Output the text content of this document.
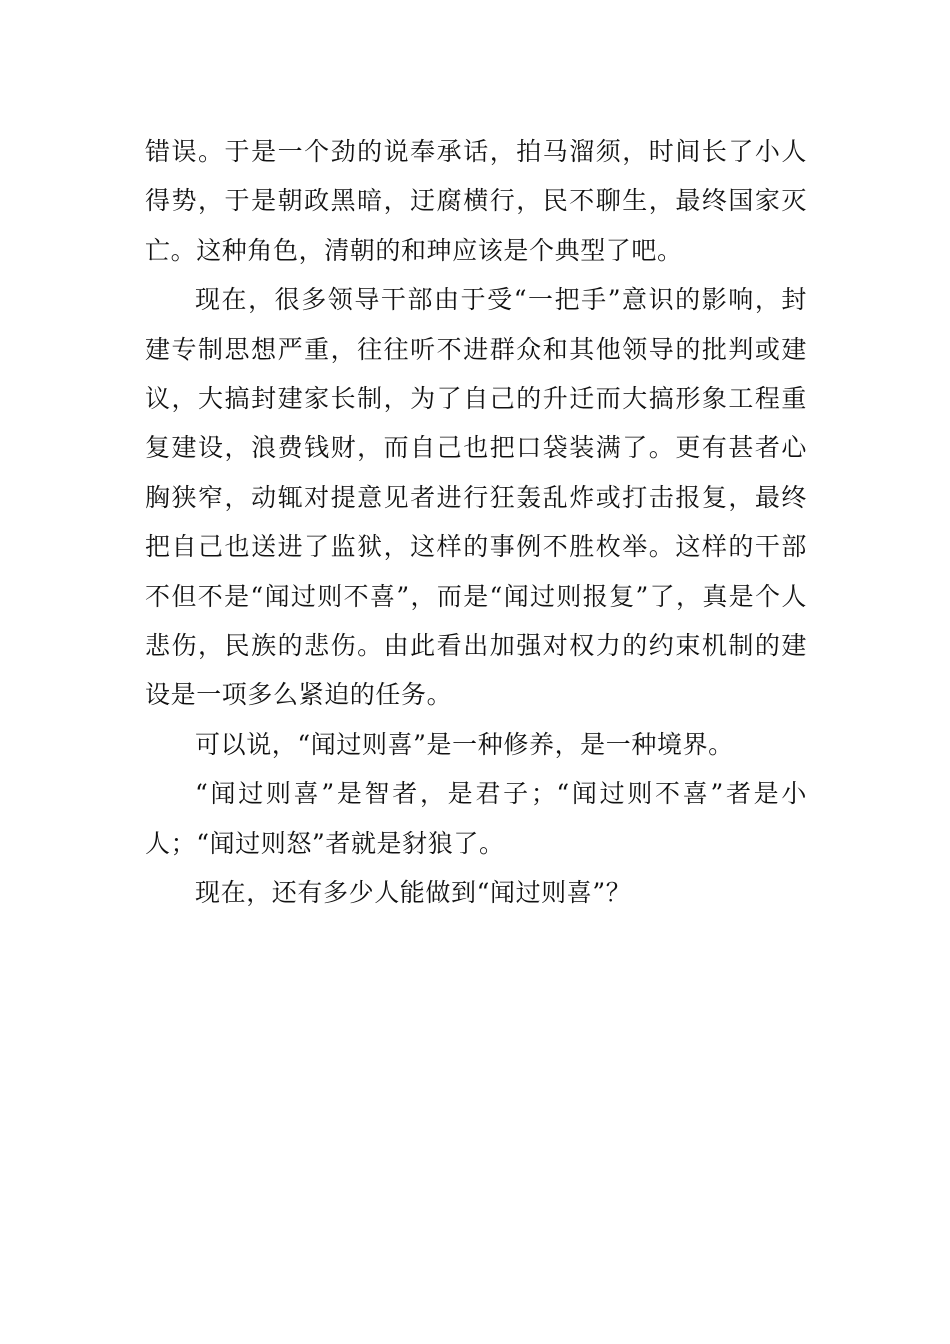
错误。于是一个劲的说奉承话，拍马溜须，时间长了小人得势，于是朝政黑暗，迂腐横行，民不聊生，最终国家灭亡。这种角色，清朝的和珅应该是个典型了吧。

现在，很多领导干部由于受“一把手”意识的影响，封建专制思想严重，往往听不进群众和其他领导的批判或建议，大搞封建家长制，为了自己的升迁而大搞形象工程重复建设，浪费钱财，而自己也把口袋装满了。更有甚者心胸狭窄，动辄对提意见者进行狂轰乱炸或打击报复，最终把自己也送进了监狱，这样的事例不胜枚举。这样的干部不但不是“闻过则不喜”，而是“闻过则报复”了，真是个人悲伤，民族的悲伤。由此看出加强对权力的约束机制的建设是一项多么紧迫的任务。

可以说，“闻过则喜”是一种修养，是一种境界。

“闻过则喜”是智者，是君子；“闻过则不喜”者是小人；“闻过则怒”者就是豺狼了。

现在，还有多少人能做到“闻过则喜”？
